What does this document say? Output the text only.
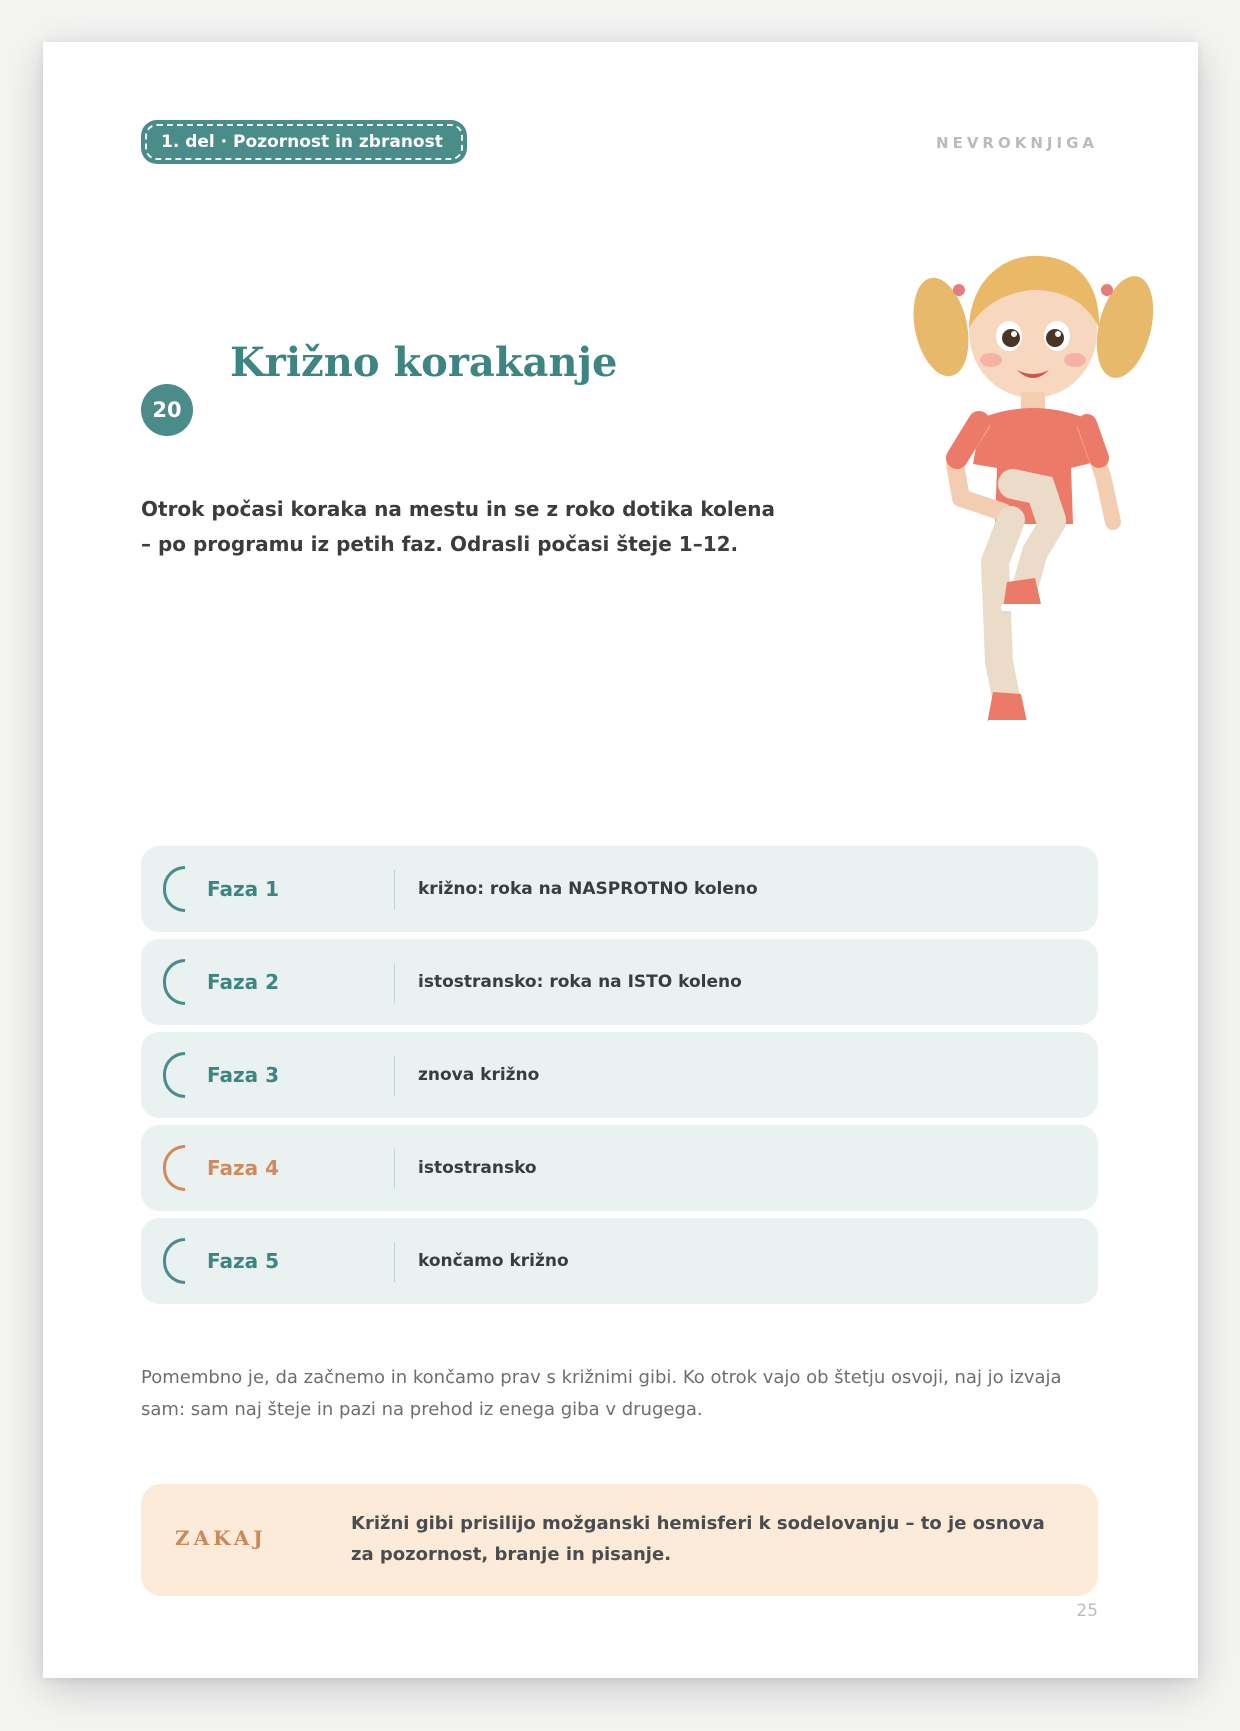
1. del · Pozornost in zbranost	NEVROKNJIGA
Križno korakanje
20

Otrok počasi koraka na mestu in se z roko dotika kolena – po programu iz petih faz. Odrasli počasi šteje 1–12.

Faza 1	križno: roka na NASPROTNO koleno
Faza 2	istostransko: roka na ISTO koleno
Faza 3	znova križno
Faza 4	istostransko
Faza 5	končamo križno

Pomembno je, da začnemo in končamo prav s križnimi gibi. Ko otrok vajo ob štetju osvoji, naj jo izvaja sam: sam naj šteje in pazi na prehod iz enega giba v drugega.

ZAKAJ

Križni gibi prisilijo možganski hemisferi k sodelovanju – to je osnova za pozornost, branje in pisanje.

25
